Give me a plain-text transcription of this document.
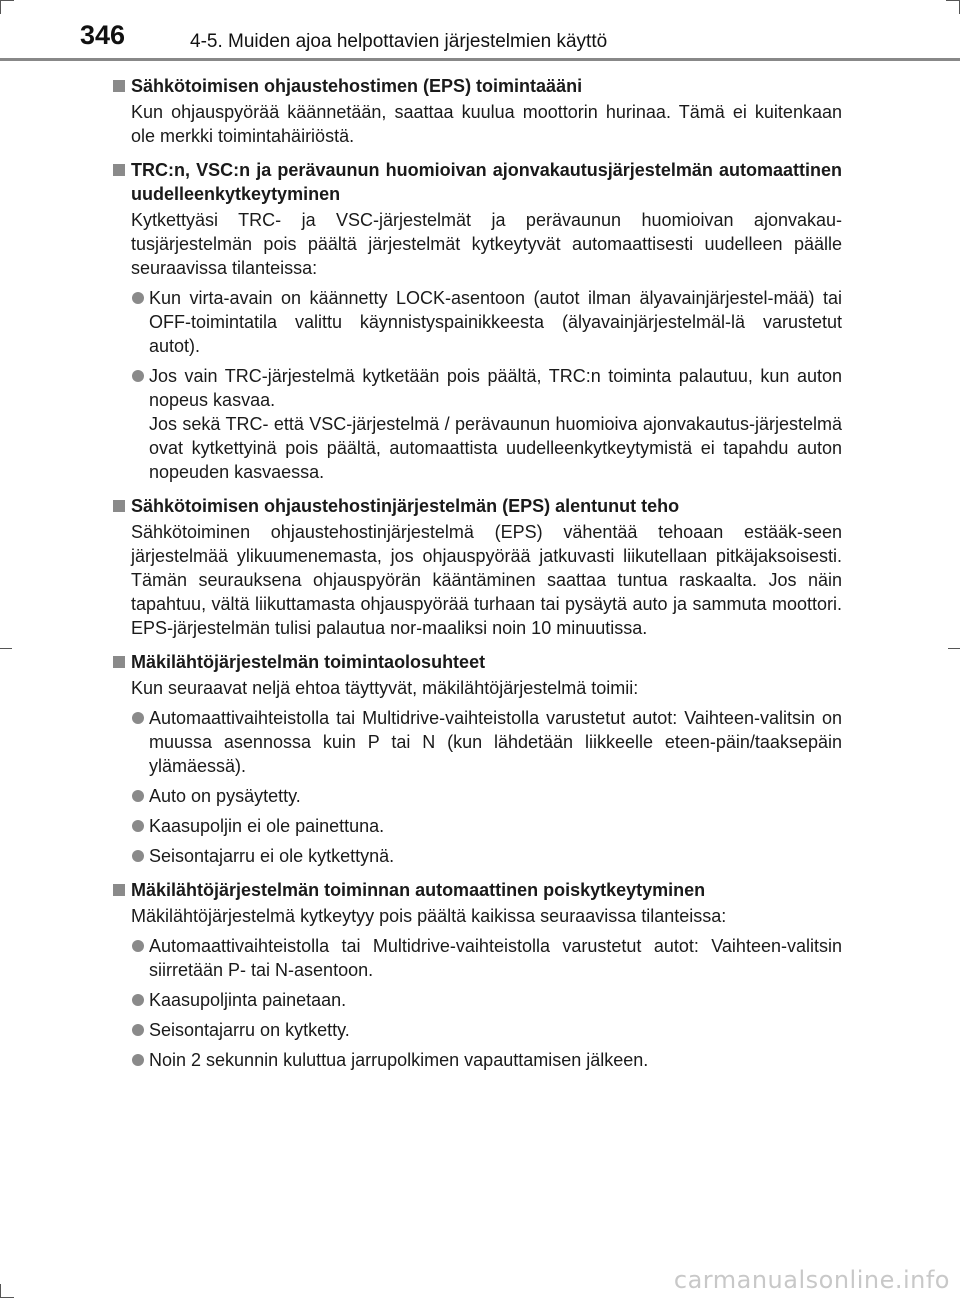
346	4-5. Muiden ajoa helpottavien järjestelmien käyttö
Sähkötoimisen ohjaustehostimen (EPS) toimintaääni
Kun ohjauspyörää käännetään, saattaa kuulua moottorin hurinaa. Tämä ei kuitenkaan ole merkki toimintahäiriöstä.
TRC:n, VSC:n ja perävaunun huomioivan ajonvakautusjärjestelmän automaattinen uudelleenkytkeytyminen
Kytkettyäsi TRC- ja VSC-järjestelmät ja perävaunun huomioivan ajonvakau-tusjärjestelmän pois päältä järjestelmät kytkeytyvät automaattisesti uudelleen päälle seuraavissa tilanteissa:
Kun virta-avain on käännetty LOCK-asentoon (autot ilman älyavainjärjestel-mää) tai OFF-toimintatila valittu käynnistyspainikkeesta (älyavainjärjestelmäl-lä varustetut autot).
Jos vain TRC-järjestelmä kytketään pois päältä, TRC:n toiminta palautuu, kun auton nopeus kasvaa.
Jos sekä TRC- että VSC-järjestelmä / perävaunun huomioiva ajonvakautus-järjestelmä ovat kytkettyinä pois päältä, automaattista uudelleenkytkeytymistä ei tapahdu auton nopeuden kasvaessa.
Sähkötoimisen ohjaustehostinjärjestelmän (EPS) alentunut teho
Sähkötoiminen ohjaustehostinjärjestelmä (EPS) vähentää tehoaan estääk-seen järjestelmää ylikuumenemasta, jos ohjauspyörää jatkuvasti liikutellaan pitkäjaksoisesti. Tämän seurauksena ohjauspyörän kääntäminen saattaa tuntua raskaalta. Jos näin tapahtuu, vältä liikuttamasta ohjauspyörää turhaan tai pysäytä auto ja sammuta moottori. EPS-järjestelmän tulisi palautua nor-maaliksi noin 10 minuutissa.
Mäkilähtöjärjestelmän toimintaolosuhteet
Kun seuraavat neljä ehtoa täyttyvät, mäkilähtöjärjestelmä toimii:
Automaattivaihteistolla tai Multidrive-vaihteistolla varustetut autot: Vaihteen-valitsin on muussa asennossa kuin P tai N (kun lähdetään liikkeelle eteen-päin/taaksepäin ylämäessä).
Auto on pysäytetty.
Kaasupoljin ei ole painettuna.
Seisontajarru ei ole kytkettynä.
Mäkilähtöjärjestelmän toiminnan automaattinen poiskytkeytyminen
Mäkilähtöjärjestelmä kytkeytyy pois päältä kaikissa seuraavissa tilanteissa:
Automaattivaihteistolla tai Multidrive-vaihteistolla varustetut autot: Vaihteen-valitsin siirretään P- tai N-asentoon.
Kaasupoljinta painetaan.
Seisontajarru on kytketty.
Noin 2 sekunnin kuluttua jarrupolkimen vapauttamisen jälkeen.
carmanualsonline.info
